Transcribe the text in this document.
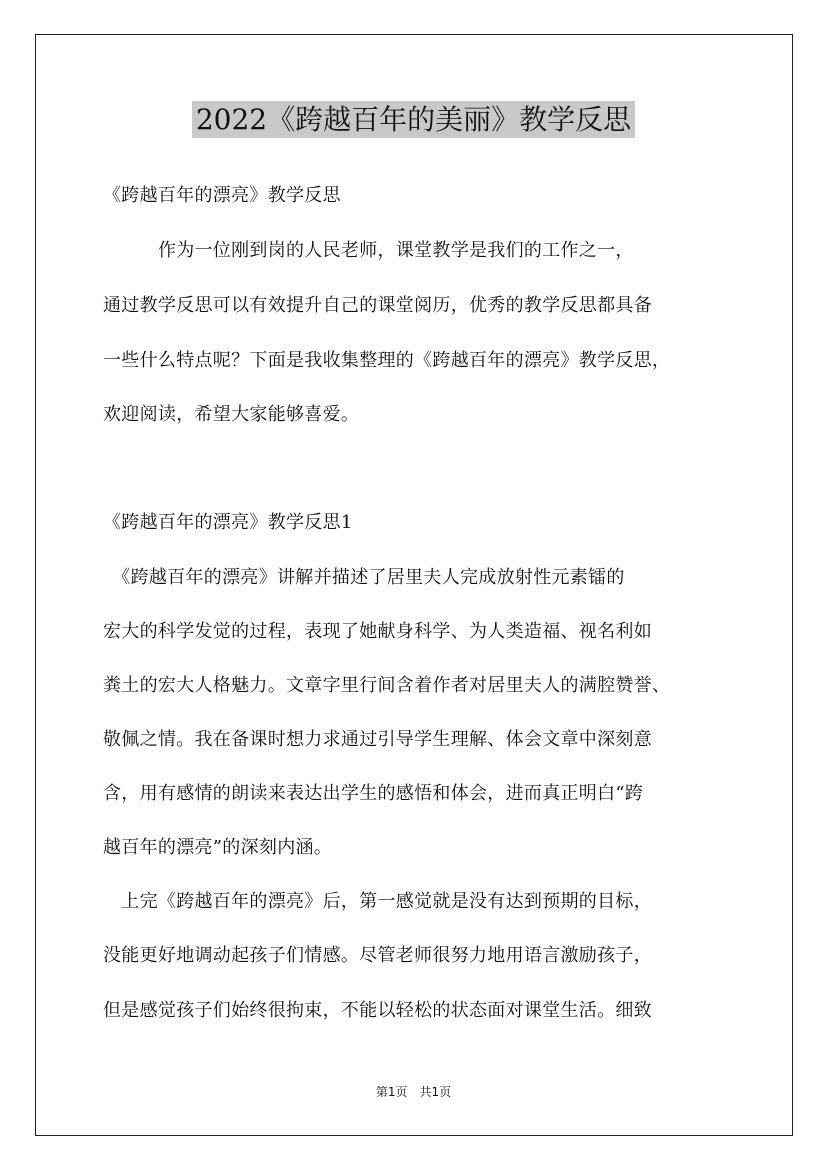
2022《跨越百年的美丽》教学反思
《跨越百年的漂亮》教学反思
　　　作为一位刚到岗的人民老师，课堂教学是我们的工作之一，
通过教学反思可以有效提升自己的课堂阅历，优秀的教学反思都具备
一些什么特点呢？下面是我收集整理的《跨越百年的漂亮》教学反思，
欢迎阅读，希望大家能够喜爱。
《跨越百年的漂亮》教学反思1
　《跨越百年的漂亮》讲解并描述了居里夫人完成放射性元素镭的
宏大的科学发觉的过程，表现了她献身科学、为人类造福、视名利如
粪土的宏大人格魅力。文章字里行间含着作者对居里夫人的满腔赞誉、
敬佩之情。我在备课时想力求通过引导学生理解、体会文章中深刻意
含，用有感情的朗读来表达出学生的感悟和体会，进而真正明白“跨
越百年的漂亮”的深刻内涵。
　上完《跨越百年的漂亮》后，第一感觉就是没有达到预期的目标，
没能更好地调动起孩子们情感。尽管老师很努力地用语言激励孩子，
但是感觉孩子们始终很拘束，不能以轻松的状态面对课堂生活。细致
第1页　共1页
